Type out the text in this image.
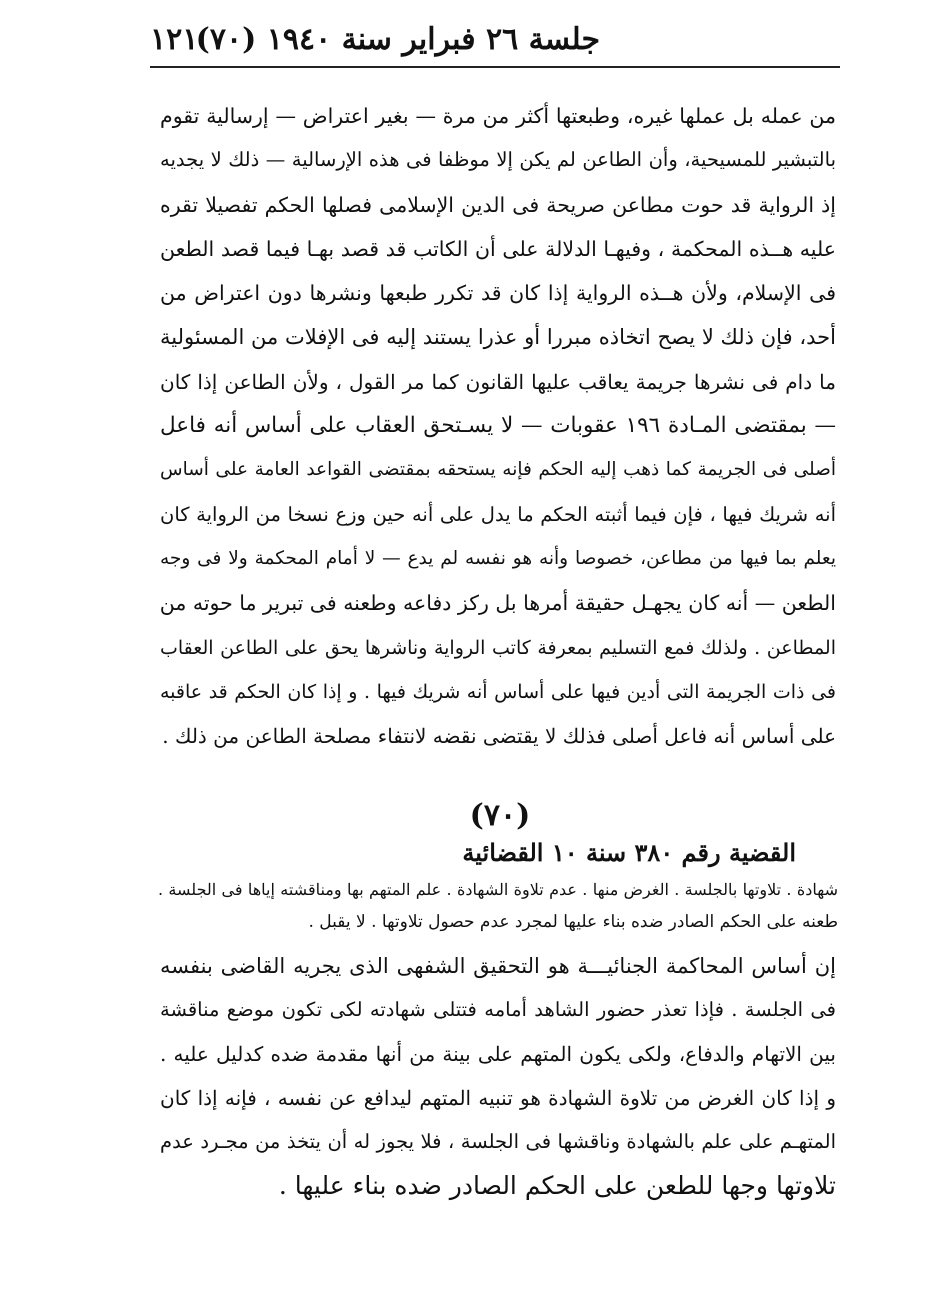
جلسة ٢٦ فبراير سنة ١٩٤٠ (٧٠)
١٢١
من عمله بل عملها غيره، وطبعتها أكثر من مرة — بغير اعتراض — إرسالية تقوم
بالتبشير للمسيحية، وأن الطاعن لم يكن إلا موظفا فى هذه الإرسالية — ذلك لا يجديه
إذ الرواية قد حوت مطاعن صريحة فى الدين الإسلامى فصلها الحكم تفصيلا تقره
عليه هــذه المحكمة ، وفيهـا الدلالة على أن الكاتب قد قصد بهـا فيما قصد الطعن
فى الإسلام، ولأن هــذه الرواية إذا كان قد تكرر طبعها ونشرها دون اعتراض من
أحد، فإن ذلك لا يصح اتخاذه مبررا أو عذرا يستند إليه فى الإفلات من المسئولية
ما دام فى نشرها جريمة يعاقب عليها القانون كما مر القول ، ولأن الطاعن إذا كان
— بمقتضى المـادة ١٩٦ عقوبات — لا يسـتحق العقاب على أساس أنه فاعل
أصلى فى الجريمة كما ذهب إليه الحكم فإنه يستحقه بمقتضى القواعد العامة على أساس
أنه شريك فيها ، فإن فيما أثبته الحكم ما يدل على أنه حين وزع نسخا من الرواية كان
يعلم بما فيها من مطاعن، خصوصا وأنه هو نفسه لم يدع — لا أمام المحكمة ولا فى وجه
الطعن — أنه كان يجهـل حقيقة أمرها بل ركز دفاعه وطعنه فى تبرير ما حوته من
المطاعن . ولذلك فمع التسليم بمعرفة كاتب الرواية وناشرها يحق على الطاعن العقاب
فى ذات الجريمة التى أدين فيها على أساس أنه شريك فيها . و إذا كان الحكم قد عاقبه
على أساس أنه فاعل أصلى فذلك لا يقتضى نقضه لانتفاء مصلحة الطاعن من ذلك .
(٧٠)
القضية رقم ٣٨٠ سنة ١٠ القضائية
شهادة . تلاوتها بالجلسة . الغرض منها . عدم تلاوة الشهادة . علم المتهم بها ومناقشته إياها فى الجلسة .
طعنه على الحكم الصادر ضده بناء عليها لمجرد عدم حصول تلاوتها . لا يقبل .
إن أساس المحاكمة الجنائيـــة هو التحقيق الشفهى الذى يجريه القاضى بنفسه
فى الجلسة . فإذا تعذر حضور الشاهد أمامه فتتلى شهادته لكى تكون موضع مناقشة
بين الاتهام والدفاع، ولكى يكون المتهم على بينة من أنها مقدمة ضده كدليل عليه .
و إذا كان الغرض من تلاوة الشهادة هو تنبيه المتهم ليدافع عن نفسه ، فإنه إذا كان
المتهـم على علم بالشهادة وناقشها فى الجلسة ، فلا يجوز له أن يتخذ من مجـرد عدم
تلاوتها وجها للطعن على الحكم الصادر ضده بناء عليها .
